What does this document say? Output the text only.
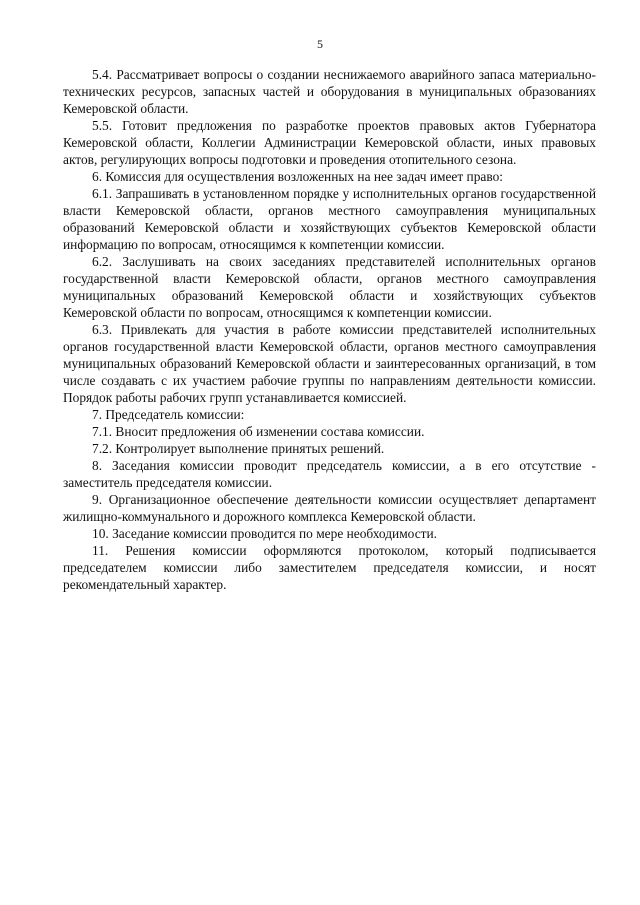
5

5.4. Рассматривает вопросы о создании неснижаемого аварийного запаса материально-технических ресурсов, запасных частей и оборудования в муниципальных образованиях Кемеровской области.

5.5. Готовит предложения по разработке проектов правовых актов Губернатора Кемеровской области, Коллегии Администрации Кемеровской области, иных правовых актов, регулирующих вопросы подготовки и проведения отопительного сезона.

6. Комиссия для осуществления возложенных на нее задач имеет право:

6.1. Запрашивать в установленном порядке у исполнительных органов государственной власти Кемеровской области, органов местного самоуправления муниципальных образований Кемеровской области и хозяйствующих субъектов Кемеровской области информацию по вопросам, относящимся к компетенции комиссии.

6.2. Заслушивать на своих заседаниях представителей исполнительных органов государственной власти Кемеровской области, органов местного самоуправления муниципальных образований Кемеровской области и хозяйствующих субъектов Кемеровской области по вопросам, относящимся к компетенции комиссии.

6.3. Привлекать для участия в работе комиссии представителей исполнительных органов государственной власти Кемеровской области, органов местного самоуправления муниципальных образований Кемеровской области и заинтересованных организаций, в том числе создавать с их участием рабочие группы по направлениям деятельности комиссии. Порядок работы рабочих групп устанавливается комиссией.

7. Председатель комиссии:

7.1. Вносит предложения об изменении состава комиссии.

7.2. Контролирует выполнение принятых решений.

8. Заседания комиссии проводит председатель комиссии, а в его отсутствие - заместитель председателя комиссии.

9. Организационное обеспечение деятельности комиссии осуществляет департамент жилищно-коммунального и дорожного комплекса Кемеровской области.

10. Заседание комиссии проводится по мере необходимости.

11. Решения комиссии оформляются протоколом, который подписывается председателем комиссии либо заместителем председателя комиссии, и носят рекомендательный характер.
